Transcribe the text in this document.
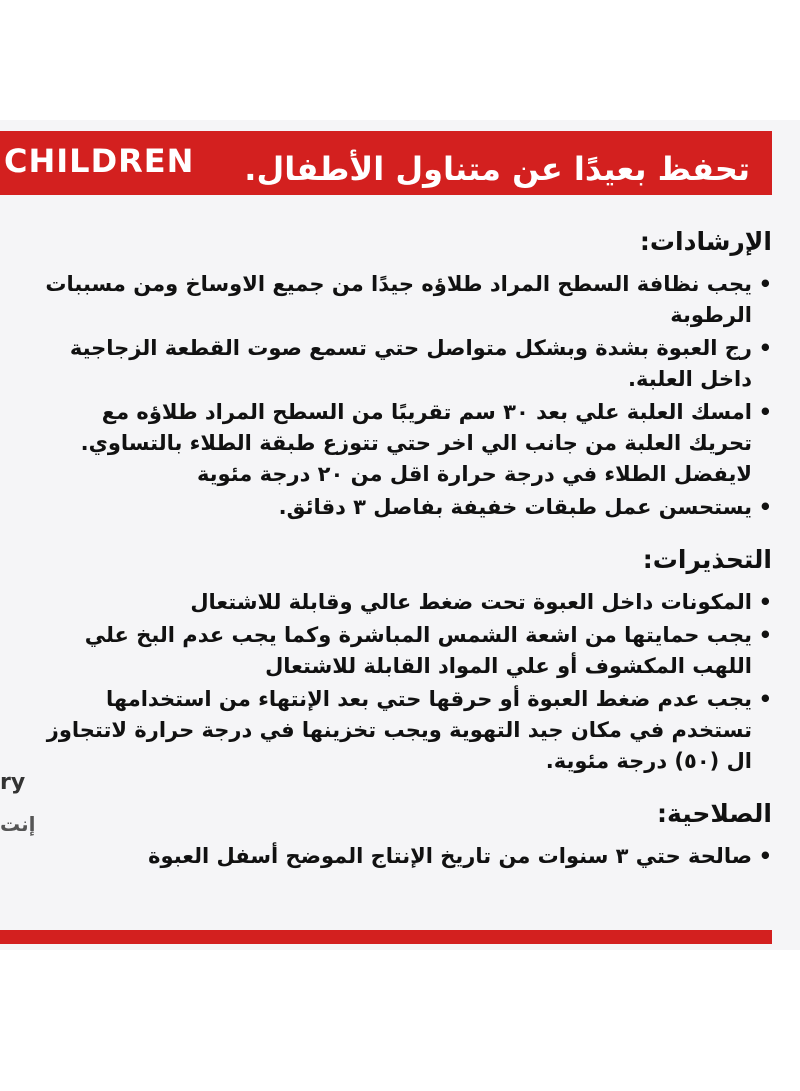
CHILDREN تحفظ بعيدًا عن متناول الأطفال.
الإرشادات:
• يجب نظافة السطح المراد طلاؤه جيدًا من جميع الاوساخ ومن مسببات الرطوبة
• رج العبوة بشدة وبشكل متواصل حتي تسمع صوت القطعة الزجاجية داخل العلبة.
• امسك العلبة علي بعد ٣٠ سم تقريبًا من السطح المراد طلاؤه مع تحريك العلبة من جانب الي اخر حتي تتوزع طبقة الطلاء بالتساوي. لايفضل الطلاء في درجة حرارة اقل من ٢٠ درجة مئوية
• يستحسن عمل طبقات خفيفة بفاصل ٣ دقائق.
التحذيرات:
• المكونات داخل العبوة تحت ضغط عالي وقابلة للاشتعال
• يجب حمايتها من اشعة الشمس المباشرة وكما يجب عدم البخ علي اللهب المكشوف أو علي المواد القابلة للاشتعال
• يجب عدم ضغط العبوة أو حرقها حتي بعد الإنتهاء من استخدامها تستخدم في مكان جيد التهوية ويجب تخزينها في درجة حرارة لاتتجاوز ال (٥٠) درجة مئوية.
الصلاحية:
• صالحة حتي ٣ سنوات من تاريخ الإنتاج الموضح أسفل العبوة
ry
إنت
